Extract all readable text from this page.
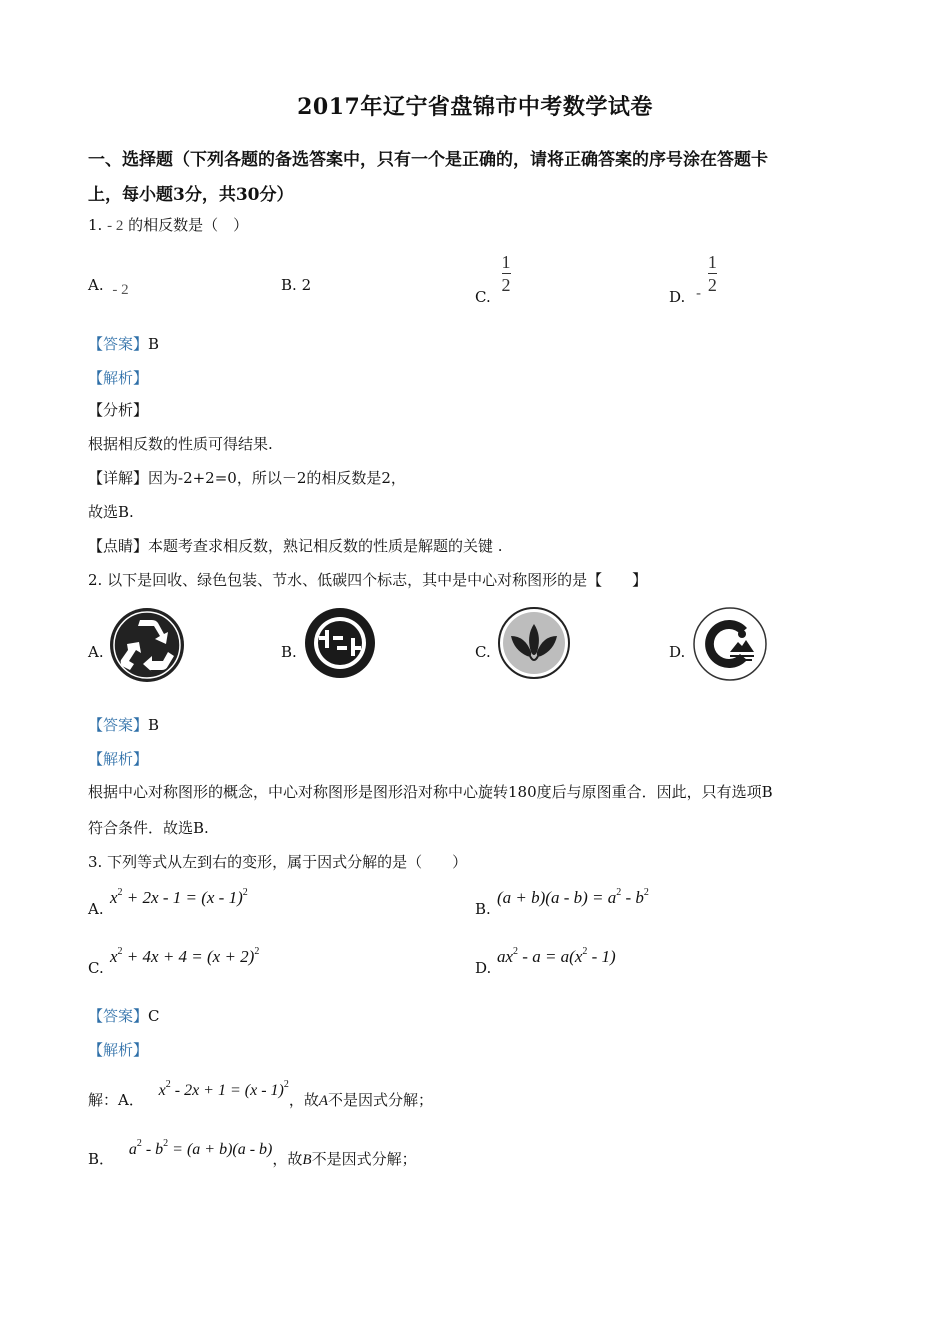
2017年辽宁省盘锦市中考数学试卷
一、选择题（下列各题的备选答案中，只有一个是正确的，请将正确答案的序号涂在答题卡
上，每小题3分，共30分）
1. - 2 的相反数是（　）
A. - 2	B. 2
C.
$\frac{1}{2}$
D. - $\frac{1}{2}$
【答案】B
【解析】
【分析】
根据相反数的性质可得结果.
【详解】因为-2+2=0，所以－2的相反数是2，
故选B.
【点睛】本题考查求相反数，熟记相反数的性质是解题的关键 .
2. 以下是回收、绿色包装、节水、低碳四个标志，其中是中心对称图形的是【　　】
A.	B.	C.	D.
【答案】B
【解析】
根据中心对称图形的概念，中心对称图形是图形沿对称中心旋转180度后与原图重合．因此，只有选项B
符合条件．故选B.
3. 下列等式从左到右的变形，属于因式分解的是（　　）
A.
$x^2 + 2x - 1 = (x - 1)^2$
B.
$(a + b)(a - b) = a^2 - b^2$
C.
$x^2 + 4x + 4 = (x + 2)^2$
D.
$ax^2 - a = a(x^2 - 1)$
【答案】C
【解析】
解：A． $x^2 - 2x + 1 = (x - 1)^2$，故A不是因式分解；
B． $a^2 - b^2 = (a + b)(a - b)$，故B不是因式分解；
